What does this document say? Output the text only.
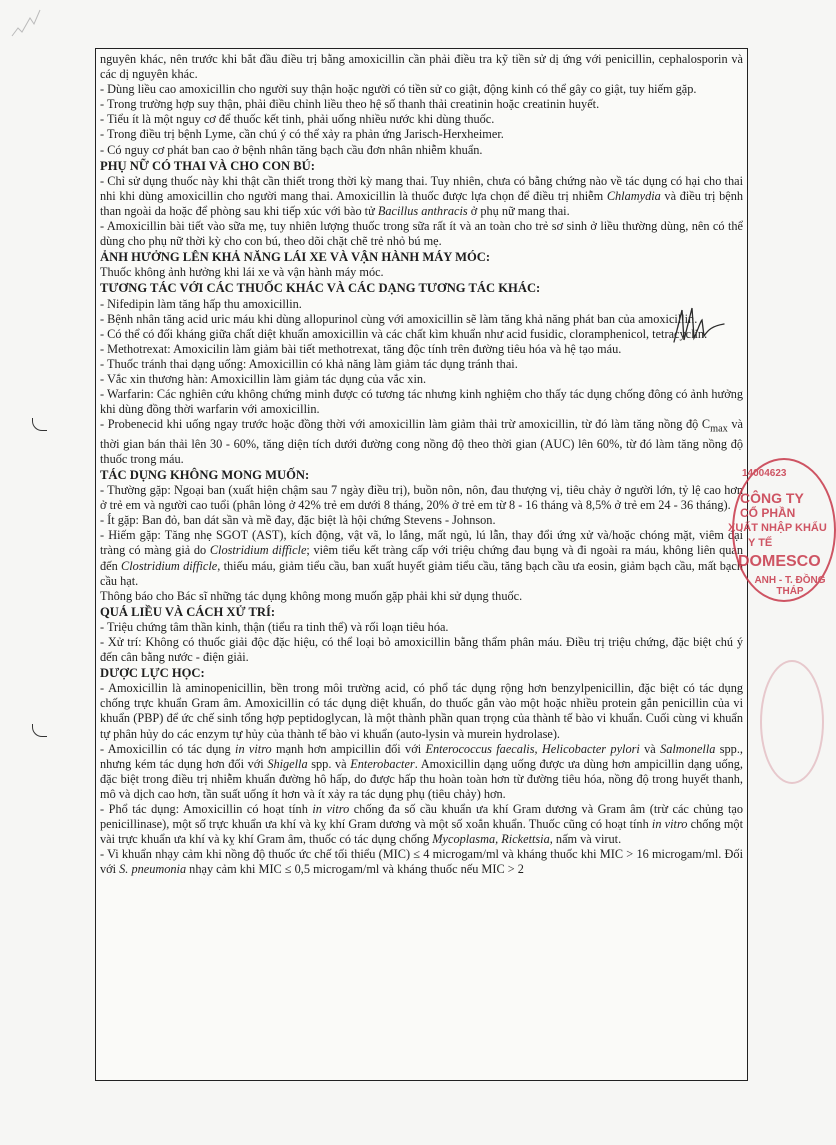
nguyên khác, nên trước khi bắt đầu điều trị bằng amoxicillin cần phải điều tra kỹ tiền sử dị ứng với penicillin, cephalosporin và các dị nguyên khác.

- Dùng liều cao amoxicillin cho người suy thận hoặc người có tiền sử co giật, động kinh có thể gây co giật, tuy hiếm gặp.

- Trong trường hợp suy thận, phải điều chỉnh liều theo hệ số thanh thải creatinin hoặc creatinin huyết.

- Tiểu ít là một nguy cơ để thuốc kết tinh, phải uống nhiều nước khi dùng thuốc.

- Trong điều trị bệnh Lyme, cần chú ý có thể xảy ra phản ứng Jarisch-Herxheimer.

- Có nguy cơ phát ban cao ở bệnh nhân tăng bạch cầu đơn nhân nhiễm khuẩn.

PHỤ NỮ CÓ THAI VÀ CHO CON BÚ:

- Chỉ sử dụng thuốc này khi thật cần thiết trong thời kỳ mang thai. Tuy nhiên, chưa có bằng chứng nào về tác dụng có hại cho thai nhi khi dùng amoxicillin cho người mang thai. Amoxicillin là thuốc được lựa chọn để điều trị nhiễm Chlamydia và điều trị bệnh than ngoài da hoặc để phòng sau khi tiếp xúc với bào tử Bacillus anthracis ở phụ nữ mang thai.

- Amoxicillin bài tiết vào sữa mẹ, tuy nhiên lượng thuốc trong sữa rất ít và an toàn cho trẻ sơ sinh ở liều thường dùng, nên có thể dùng cho phụ nữ thời kỳ cho con bú, theo dõi chặt chẽ trẻ nhỏ bú mẹ.

ẢNH HƯỞNG LÊN KHẢ NĂNG LÁI XE VÀ VẬN HÀNH MÁY MÓC:

Thuốc không ảnh hưởng khi lái xe và vận hành máy móc.

TƯƠNG TÁC VỚI CÁC THUỐC KHÁC VÀ CÁC DẠNG TƯƠNG TÁC KHÁC:

- Nifedipin làm tăng hấp thu amoxicillin.

- Bệnh nhân tăng acid uric máu khi dùng allopurinol cùng với amoxicillin sẽ làm tăng khả năng phát ban của amoxicillin.

- Có thể có đối kháng giữa chất diệt khuẩn amoxicillin và các chất kìm khuẩn như acid fusidic, cloramphenicol, tetracyclin.

- Methotrexat: Amoxicilin làm giảm bài tiết methotrexat, tăng độc tính trên đường tiêu hóa và hệ tạo máu.

- Thuốc tránh thai dạng uống: Amoxicillin có khả năng làm giảm tác dụng tránh thai.

- Vắc xin thương hàn: Amoxicillin làm giảm tác dụng của vắc xin.

- Warfarin: Các nghiên cứu không chứng minh được có tương tác nhưng kinh nghiệm cho thấy tác dụng chống đông có ảnh hưởng khi dùng đồng thời warfarin với amoxicillin.

- Probenecid khi uống ngay trước hoặc đồng thời với amoxicillin làm giảm thải trừ amoxicillin, từ đó làm tăng nồng độ $C_{max}$ và thời gian bán thải lên 30 - 60%, tăng diện tích dưới đường cong nồng độ theo thời gian (AUC) lên 60%, từ đó làm tăng nồng độ thuốc trong máu.

TÁC DỤNG KHÔNG MONG MUỐN:

- Thường gặp: Ngoại ban (xuất hiện chậm sau 7 ngày điều trị), buồn nôn, nôn, đau thượng vị, tiêu chảy ở người lớn, tỷ lệ cao hơn ở trẻ em và người cao tuổi (phân lỏng ở 42% trẻ em dưới 8 tháng, 20% ở trẻ em từ 8 - 16 tháng và 8,5% ở trẻ em 24 - 36 tháng).

- Ít gặp: Ban đỏ, ban dát sần và mề đay, đặc biệt là hội chứng Stevens - Johnson.

- Hiếm gặp: Tăng nhẹ SGOT (AST), kích động, vật vã, lo lắng, mất ngủ, lú lẫn, thay đổi ứng xử và/hoặc chóng mặt, viêm đại tràng có màng giả do Clostridium difficle; viêm tiểu kết tràng cấp với triệu chứng đau bụng và đi ngoài ra máu, không liên quan đến Clostridium difficle, thiếu máu, giảm tiểu cầu, ban xuất huyết giảm tiểu cầu, tăng bạch cầu ưa eosin, giảm bạch cầu, mất bạch cầu hạt.

Thông báo cho Bác sĩ những tác dụng không mong muốn gặp phải khi sử dụng thuốc.

QUÁ LIỀU VÀ CÁCH XỬ TRÍ:

- Triệu chứng tâm thần kinh, thận (tiểu ra tinh thể) và rối loạn tiêu hóa.

- Xử trí: Không có thuốc giải độc đặc hiệu, có thể loại bỏ amoxicillin bằng thẩm phân máu. Điều trị triệu chứng, đặc biệt chú ý đến cân bằng nước - điện giải.

DƯỢC LỰC HỌC:

- Amoxicillin là aminopenicillin, bền trong môi trường acid, có phổ tác dụng rộng hơn benzylpenicillin, đặc biệt có tác dụng chống trực khuẩn Gram âm. Amoxicillin có tác dụng diệt khuẩn, do thuốc gắn vào một hoặc nhiều protein gắn penicillin của vi khuẩn (PBP) để ức chế sinh tổng hợp peptidoglycan, là một thành phần quan trọng của thành tế bào vi khuẩn. Cuối cùng vi khuẩn tự phân hủy do các enzym tự hủy của thành tế bào vi khuẩn (auto-lysin và murein hydrolase).

- Amoxicillin có tác dụng in vitro mạnh hơn ampicillin đối với Enterococcus faecalis, Helicobacter pylori và Salmonella spp., nhưng kém tác dụng hơn đối với Shigella spp. và Enterobacter. Amoxicillin dạng uống được ưa dùng hơn ampicillin dạng uống, đặc biệt trong điều trị nhiễm khuẩn đường hô hấp, do được hấp thu hoàn toàn hơn từ đường tiêu hóa, nồng độ trong huyết thanh, mô và dịch cao hơn, tần suất uống ít hơn và ít xảy ra tác dụng phụ (tiêu chảy) hơn.

- Phổ tác dụng: Amoxicillin có hoạt tính in vitro chống đa số cầu khuẩn ưa khí Gram dương và Gram âm (trừ các chủng tạo penicillinase), một số trực khuẩn ưa khí và kỵ khí Gram dương và một số xoắn khuẩn. Thuốc cũng có hoạt tính in vitro chống một vài trực khuẩn ưa khí và kỵ khí Gram âm, thuốc có tác dụng chống Mycoplasma, Rickettsia, nấm và virut.

- Vi khuẩn nhạy cảm khi nồng độ thuốc ức chế tối thiểu (MIC) ≤ 4 microgam/ml và kháng thuốc khi MIC > 16 microgam/ml. Đối với S. pneumonia nhạy cảm khi MIC ≤ 0,5 microgam/ml và kháng thuốc nếu MIC > 2

14004623
CÔNG TY
CỔ PHẦN
XUẤT NHẬP KHẨU
Y TẾ
DOMESCO
ANH - T. ĐỒNG THÁP
